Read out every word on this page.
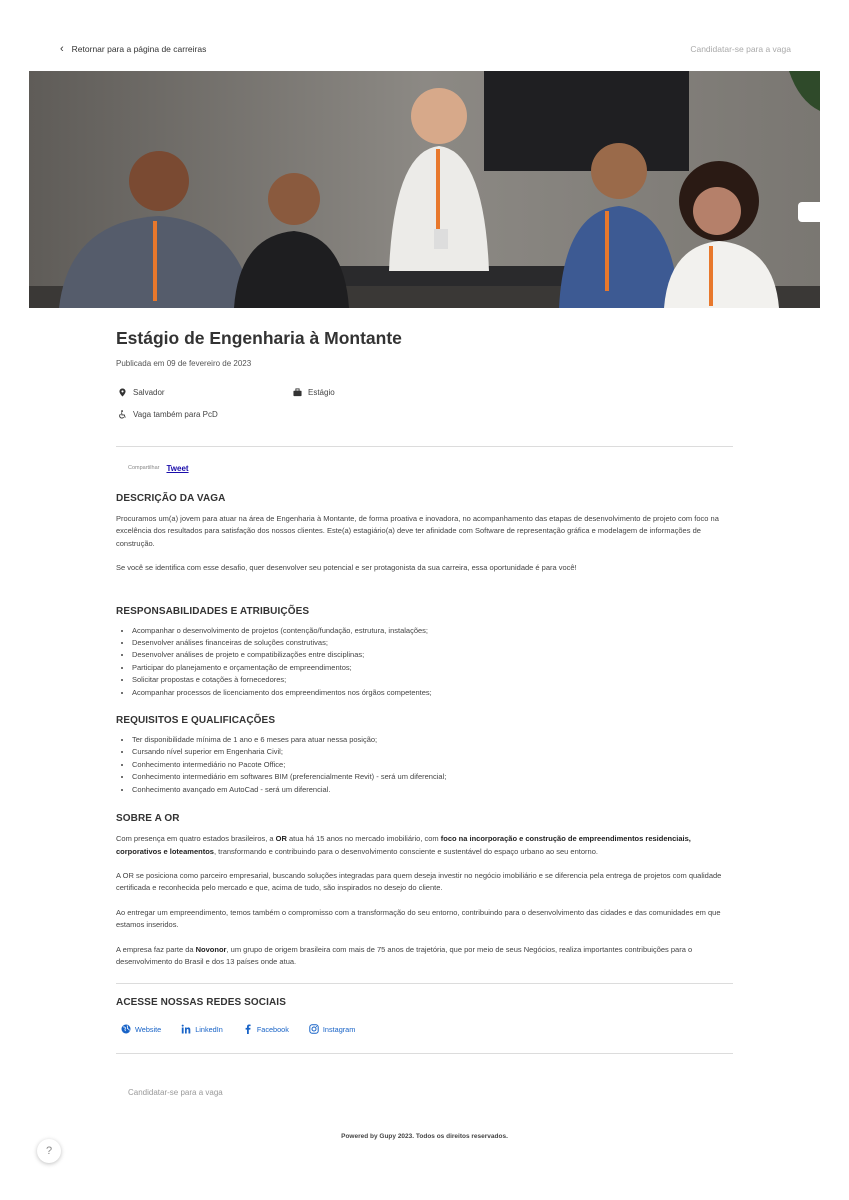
‹ Retornar para a página de carreiras	Candidatar-se para a vaga
Estágio de Engenharia à Montante
Publicada em 09 de fevereiro de 2023
Salvador	Estágio
Vaga também para PcD
Compartilhar Tweet
DESCRIÇÃO DA VAGA

Procuramos um(a) jovem para atuar na área de Engenharia à Montante, de forma proativa e inovadora, no acompanhamento das etapas de desenvolvimento de projeto com foco na excelência dos resultados para satisfação dos nossos clientes. Este(a) estagiário(a) deve ter afinidade com Software de representação gráfica e modelagem de informações de construção.

Se você se identifica com esse desafio, quer desenvolver seu potencial e ser protagonista da sua carreira, essa oportunidade é para você!

RESPONSABILIDADES E ATRIBUIÇÕES
• Acompanhar o desenvolvimento de projetos (contenção/fundação, estrutura, instalações;
• Desenvolver análises financeiras de soluções construtivas;
• Desenvolver análises de projeto e compatibilizações entre disciplinas;
• Participar do planejamento e orçamentação de empreendimentos;
• Solicitar propostas e cotações à fornecedores;
• Acompanhar processos de licenciamento dos empreendimentos nos órgãos competentes;
REQUISITOS E QUALIFICAÇÕES
• Ter disponibilidade mínima de 1 ano e 6 meses para atuar nessa posição;
• Cursando nível superior em Engenharia Civil;
• Conhecimento intermediário no Pacote Office;
• Conhecimento intermediário em softwares BIM (preferencialmente Revit) - será um diferencial;
• Conhecimento avançado em AutoCad - será um diferencial.
SOBRE A OR

Com presença em quatro estados brasileiros, a OR atua há 15 anos no mercado imobiliário, com foco na incorporação e construção de empreendimentos residenciais, corporativos e loteamentos, transformando e contribuindo para o desenvolvimento consciente e sustentável do espaço urbano ao seu entorno.

A OR se posiciona como parceiro empresarial, buscando soluções integradas para quem deseja investir no negócio imobiliário e se diferencia pela entrega de projetos com qualidade certificada e reconhecida pelo mercado e que, acima de tudo, são inspirados no desejo do cliente.

Ao entregar um empreendimento, temos também o compromisso com a transformação do seu entorno, contribuindo para o desenvolvimento das cidades e das comunidades em que estamos inseridos.

A empresa faz parte da Novonor, um grupo de origem brasileira com mais de 75 anos de trajetória, que por meio de seus Negócios, realiza importantes contribuições para o desenvolvimento do Brasil e dos 13 países onde atua.

ACESSE NOSSAS REDES SOCIAIS
Website	LinkedIn	Facebook	Instagram
Candidatar-se para a vaga
Powered by Gupy 2023. Todos os direitos reservados.
?
